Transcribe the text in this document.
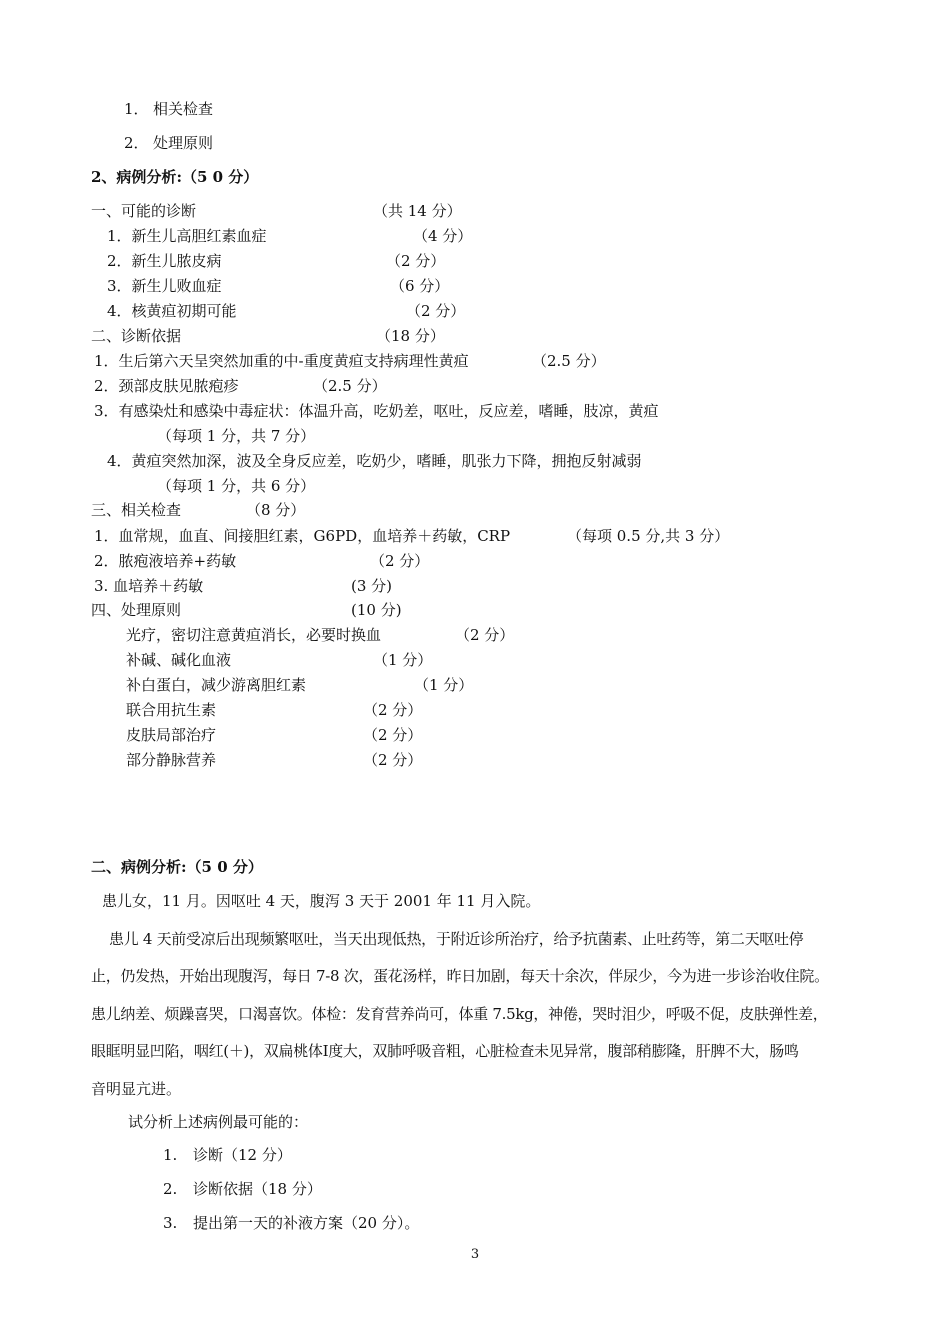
1． 相关检查
2． 处理原则
2、病例分析:（5 0 分）
一、可能的诊断	（共 14 分）
1．新生儿高胆红素血症	（4 分）
2．新生儿脓皮病	（2 分）
3．新生儿败血症	（6 分）
4．核黄疸初期可能	（2 分）
二、诊断依据	（18 分）
1．生后第六天呈突然加重的中-重度黄疸支持病理性黄疸	（2.5 分）
2．颈部皮肤见脓疱疹	（2.5 分）
3．有感染灶和感染中毒症状：体温升高，吃奶差，呕吐，反应差，嗜睡，肢凉，黄疸
（每项 1 分，共 7 分）
4．黄疸突然加深，波及全身反应差，吃奶少，嗜睡，肌张力下降，拥抱反射减弱
（每项 1 分，共 6 分）
三、相关检查	（8 分）
1．血常规，血直、间接胆红素，G6PD，血培养＋药敏，CRP	（每项 0.5 分,共 3 分）
2．脓疱液培养+药敏	（2 分）
3. 血培养＋药敏	(3 分)
四、处理原则	(10 分)
光疗，密切注意黄疸消长，必要时换血	（2 分）
补碱、碱化血液	（1 分）
补白蛋白，减少游离胆红素	（1 分）
联合用抗生素	（2 分）
皮肤局部治疗	（2 分）
部分静脉营养	（2 分）
二、病例分析:（5 0 分）
患儿女，11 月。因呕吐 4 天，腹泻 3 天于 2001 年 11 月入院。
患儿 4 天前受凉后出现频繁呕吐，当天出现低热，于附近诊所治疗，给予抗菌素、止吐药等，第二天呕吐停
止，仍发热，开始出现腹泻，每日 7-8 次，蛋花汤样，昨日加剧，每天十余次，伴尿少，今为进一步诊治收住院。
患儿纳差、烦躁喜哭，口渴喜饮。体检：发育营养尚可，体重 7.5kg，神倦，哭时泪少，呼吸不促，皮肤弹性差，
眼眶明显凹陷，咽红(＋)，双扁桃体Ⅰ度大，双肺呼吸音粗，心脏检查未见异常，腹部稍膨隆，肝脾不大，肠鸣
音明显亢进。
试分析上述病例最可能的：
1. 诊断（12 分）
2. 诊断依据（18 分）
3. 提出第一天的补液方案（20 分）。
3
